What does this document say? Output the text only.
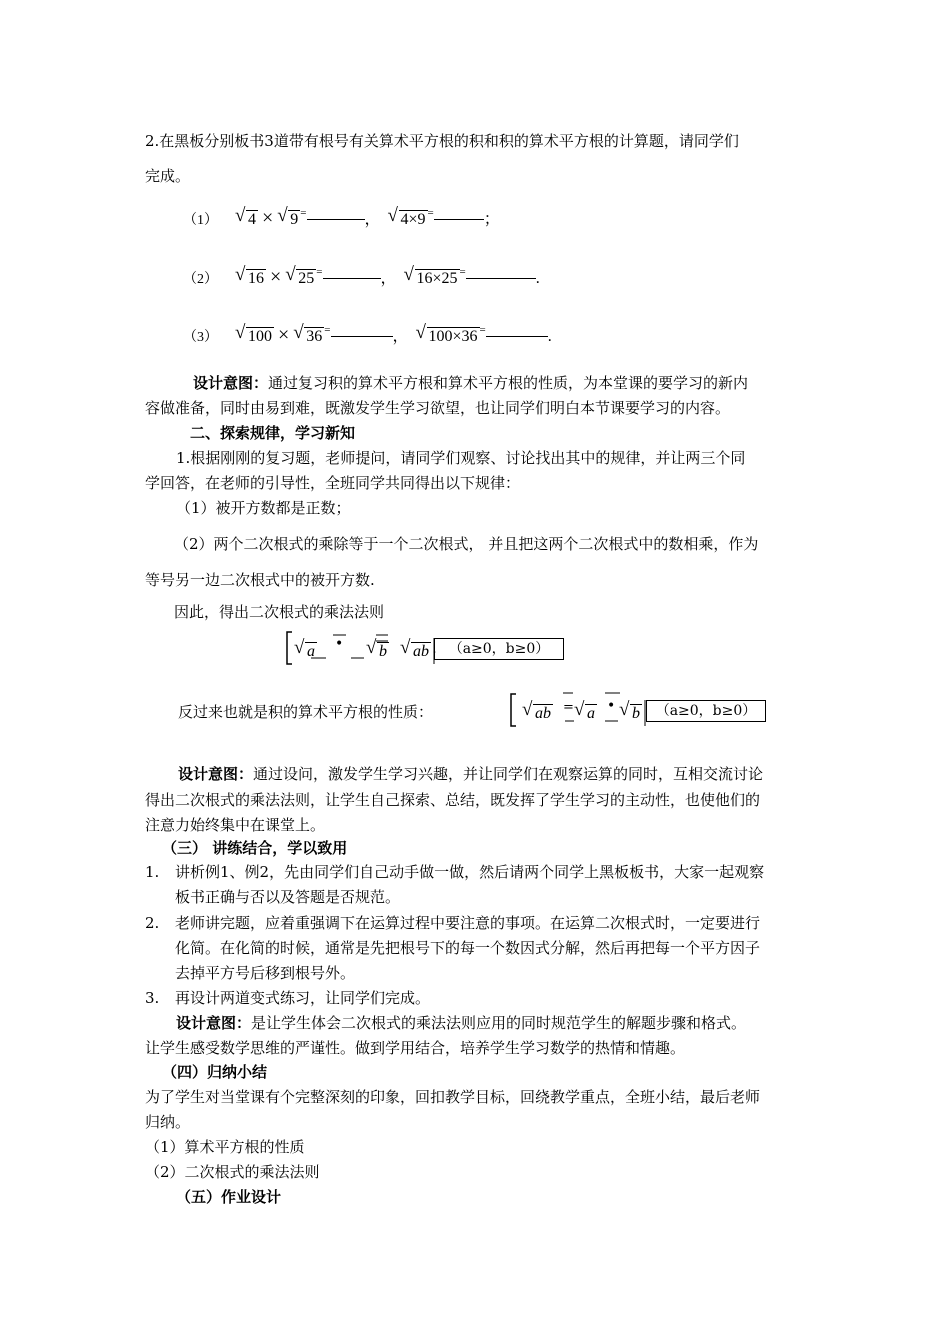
2.在黑板分别板书3道带有根号有关算术平方根的积和积的算术平方根的计算题，请同学们
完成。
（1） √ 4 × √ 9 =	， √ 4×9 =	；
（2） √ 16 × √ 25 =	， √ 16×25 =	.
（3） √ 100 × √ 36 =	， √ 100×36 =	.
设计意图：通过复习积的算术平方根和算术平方根的性质，为本堂课的要学习的新内
容做准备，同时由易到难，既激发学生学习欲望，也让同学们明白本节课要学习的内容。
二、探索规律，学习新知
1.根据刚刚的复习题，老师提问，请同学们观察、讨论找出其中的规律，并让两三个同
学回答，在老师的引导性，全班同学共同得出以下规律：
（1）被开方数都是正数；
（2）两个二次根式的乘除等于一个二次根式， 并且把这两个二次根式中的数相乘，作为
等号另一边二次根式中的被开方数.
因此，得出二次根式的乘法法则
√ a • √ b √ ab . （a≥0，b≥0）
反过来也就是积的算术平方根的性质：	√ ab = √ a • √ b	（a≥0，b≥0）
设计意图：通过设问，激发学生学习兴趣，并让同学们在观察运算的同时，互相交流讨论
得出二次根式的乘法法则，让学生自己探索、总结，既发挥了学生学习的主动性，也使他们的
注意力始终集中在课堂上。
（三） 讲练结合，学以致用
1. 讲析例1、例2，先由同学们自己动手做一做，然后请两个同学上黑板板书，大家一起观察
板书正确与否以及答题是否规范。
2. 老师讲完题，应着重强调下在运算过程中要注意的事项。在运算二次根式时，一定要进行
化简。在化简的时候，通常是先把根号下的每一个数因式分解，然后再把每一个平方因子
去掉平方号后移到根号外。
3. 再设计两道变式练习，让同学们完成。
设计意图：是让学生体会二次根式的乘法法则应用的同时规范学生的解题步骤和格式。
让学生感受数学思维的严谨性。做到学用结合，培养学生学习数学的热情和情趣。
（四）归纳小结
为了学生对当堂课有个完整深刻的印象，回扣教学目标，回绕教学重点，全班小结，最后老师
归纳。
（1）算术平方根的性质
（2）二次根式的乘法法则
（五）作业设计
